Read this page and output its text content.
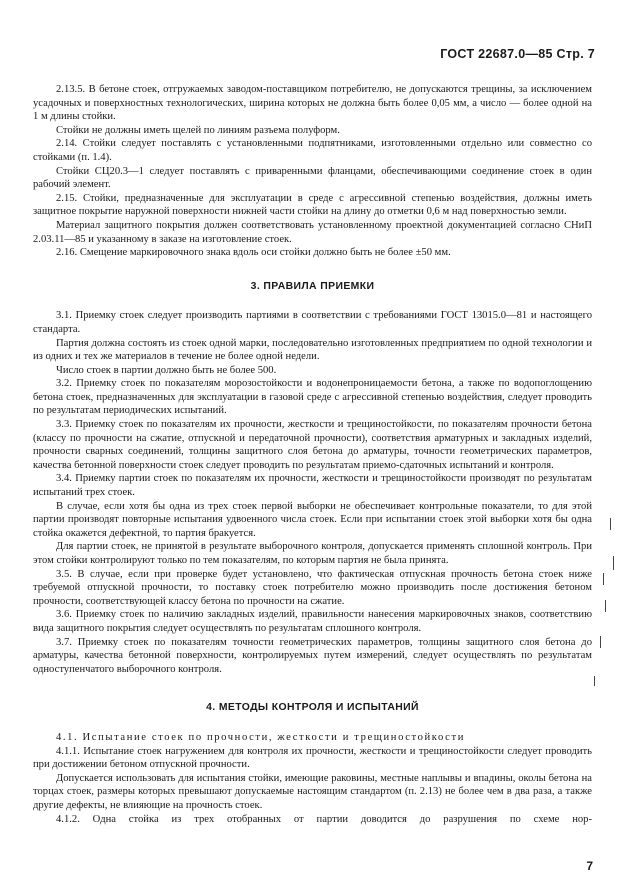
ГОСТ 22687.0—85 Стр. 7

2.13.5. В бетоне стоек, отгружаемых заводом-поставщиком потребителю, не допускаются трещины, за исключением усадочных и поверхностных технологических, ширина которых не должна быть более 0,05 мм, а число — более одной на 1 м длины стойки.

Стойки не должны иметь щелей по линиям разъема полуформ.

2.14. Стойки следует поставлять с установленными подпятниками, изготовленными отдельно или совместно со стойками (п. 1.4).

Стойки СЦ20.3—1 следует поставлять с приваренными фланцами, обеспечивающими соединение стоек в один рабочий элемент.

2.15. Стойки, предназначенные для эксплуатации в среде с агрессивной степенью воздействия, должны иметь защитное покрытие наружной поверхности нижней части стойки на длину до отметки 0,6 м над поверхностью земли.

Материал защитного покрытия должен соответствовать установленному проектной документацией согласно СНиП 2.03.11—85 и указанному в заказе на изготовление стоек.

2.16. Смещение маркировочного знака вдоль оси стойки должно быть не более ±50 мм.

3. ПРАВИЛА ПРИЕМКИ

3.1. Приемку стоек следует производить партиями в соответствии с требованиями ГОСТ 13015.0—81 и настоящего стандарта.

Партия должна состоять из стоек одной марки, последовательно изготовленных предприятием по одной технологии и из одних и тех же материалов в течение не более одной недели.

Число стоек в партии должно быть не более 500.

3.2. Приемку стоек по показателям морозостойкости и водонепроницаемости бетона, а также по водопоглощению бетона стоек, предназначенных для эксплуатации в газовой среде с агрессивной степенью воздействия, следует проводить по результатам периодических испытаний.

3.3. Приемку стоек по показателям их прочности, жесткости и трещиностойкости, по показателям прочности бетона (классу по прочности на сжатие, отпускной и передаточной прочности), соответствия арматурных и закладных изделий, прочности сварных соединений, толщины защитного слоя бетона до арматуры, точности геометрических параметров, качества бетонной поверхности стоек следует проводить по результатам приемо-сдаточных испытаний и контроля.

3.4. Приемку партии стоек по показателям их прочности, жесткости и трещиностойкости производят по результатам испытаний трех стоек.

В случае, если хотя бы одна из трех стоек первой выборки не обеспечивает контрольные показатели, то для этой партии производят повторные испытания удвоенного числа стоек. Если при испытании стоек этой выборки хотя бы одна стойка окажется дефектной, то партия бракуется.

Для партии стоек, не принятой в результате выборочного контроля, допускается применять сплошной контроль. При этом стойки контролируют только по тем показателям, по которым партия не была принята.

3.5. В случае, если при проверке будет установлено, что фактическая отпускная прочность бетона стоек ниже требуемой отпускной прочности, то поставку стоек потребителю можно производить после достижения бетоном прочности, соответствующей классу бетона по прочности на сжатие.

3.6. Приемку стоек по наличию закладных изделий, правильности нанесения маркировочных знаков, соответствию вида защитного покрытия следует осуществлять по результатам сплошного контроля.

3.7. Приемку стоек по показателям точности геометрических параметров, толщины защитного слоя бетона до арматуры, качества бетонной поверхности, контролируемых путем измерений, следует осуществлять по результатам одноступенчатого выборочного контроля.

4. МЕТОДЫ КОНТРОЛЯ И ИСПЫТАНИЙ

4.1. Испытание стоек по прочности, жесткости и трещиностойкости

4.1.1. Испытание стоек нагружением для контроля их прочности, жесткости и трещиностойкости следует проводить при достижении бетоном отпускной прочности.

Допускается использовать для испытания стойки, имеющие раковины, местные наплывы и впадины, околы бетона на торцах стоек, размеры которых превышают допускаемые настоящим стандартом (п. 2.13) не более чем в два раза, а также другие дефекты, не влияющие на прочность стоек.

4.1.2. Одна стойка из трех отобранных от партии доводится до разрушения по схеме нор-

7
